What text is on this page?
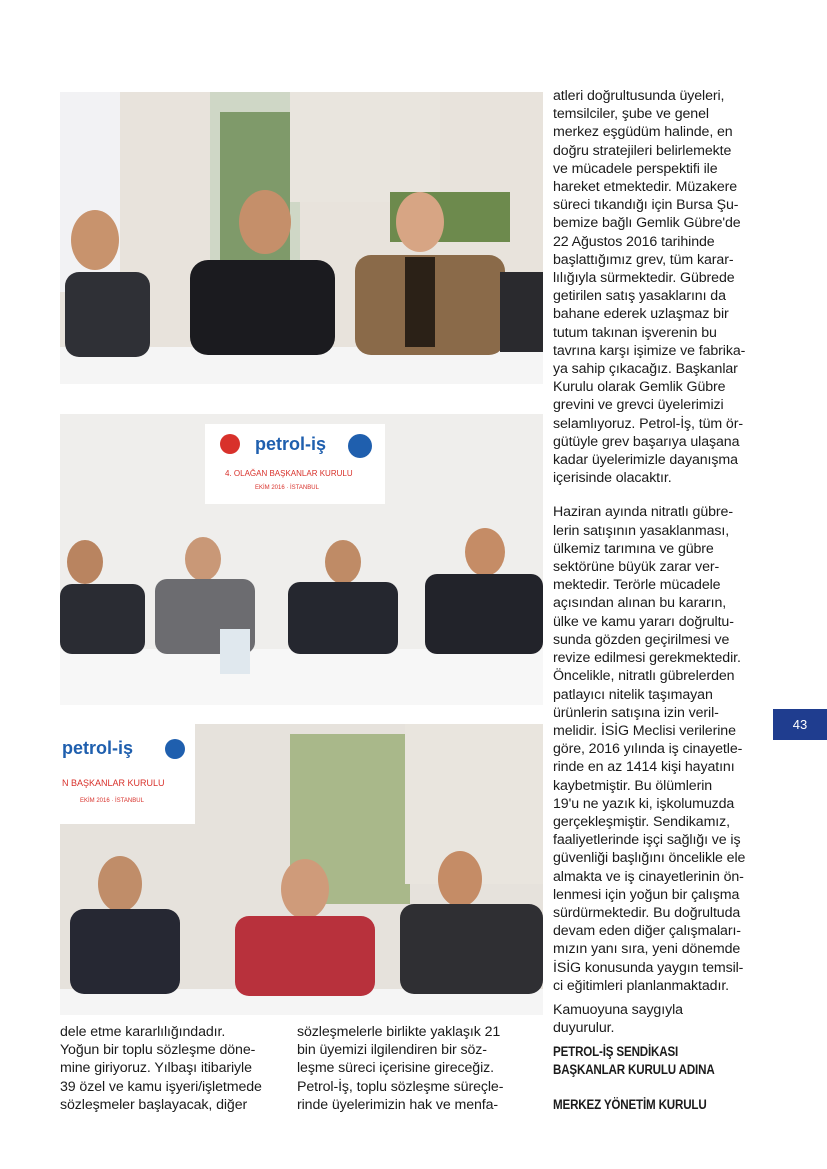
petrol-iş
4. OLAĞAN BAŞKANLAR KURULU
EKİM 2016 · İSTANBUL
petrol-iş
N BAŞKANLAR KURULU
EKİM 2016 · İSTANBUL

atleri doğrultusunda üyeleri,
temsilciler, şube ve genel
merkez eşgüdüm halinde, en
doğru stratejileri belirlemekte
ve mücadele perspektifi ile
hareket etmektedir. Müzakere
süreci tıkandığı için Bursa Şu-
bemize bağlı Gemlik Gübre'de
22 Ağustos 2016 tarihinde
başlattığımız grev, tüm karar-
lılığıyla sürmektedir. Gübrede
getirilen satış yasaklarını da
bahane ederek uzlaşmaz bir
tutum takınan işverenin bu
tavrına karşı işimize ve fabrika-
ya sahip çıkacağız. Başkanlar
Kurulu olarak Gemlik Gübre
grevini ve grevci üyelerimizi
selamlıyoruz. Petrol-İş, tüm ör-
gütüyle grev başarıya ulaşana
kadar üyelerimizle dayanışma
içerisinde olacaktır.

Haziran ayında nitratlı gübre-
lerin satışının yasaklanması,
ülkemiz tarımına ve gübre
sektörüne büyük zarar ver-
mektedir. Terörle mücadele
açısından alınan bu kararın,
ülke ve kamu yararı doğrultu-
sunda gözden geçirilmesi ve
revize edilmesi gerekmektedir.
Öncelikle, nitratlı gübrelerden
patlayıcı nitelik taşımayan
ürünlerin satışına izin veril-
melidir. İSİG Meclisi verilerine
göre, 2016 yılında iş cinayetle-
rinde en az 1414 kişi hayatını
kaybetmiştir. Bu ölümlerin
19'u ne yazık ki, işkolumuzda
gerçekleşmiştir. Sendikamız,
faaliyetlerinde işçi sağlığı ve iş
güvenliği başlığını öncelikle ele
almakta ve iş cinayetlerinin ön-
lenmesi için yoğun bir çalışma
sürdürmektedir. Bu doğrultuda
devam eden diğer çalışmaları-
mızın yanı sıra, yeni dönemde
İSİG konusunda yaygın temsil-
ci eğitimleri planlanmaktadır.

Kamuoyuna saygıyla
duyurulur.

PETROL-İŞ SENDİKASI
BAŞKANLAR KURULU ADINA
MERKEZ YÖNETİM KURULU
dele etme kararlılığındadır.
Yoğun bir toplu sözleşme döne-
mine giriyoruz. Yılbaşı itibariyle
39 özel ve kamu işyeri/işletmede
sözleşmeler başlayacak, diğer
sözleşmelerle birlikte yaklaşık 21
bin üyemizi ilgilendiren bir söz-
leşme süreci içerisine gireceğiz.
Petrol-İş, toplu sözleşme süreçle-
rinde üyelerimizin hak ve menfa-
43
